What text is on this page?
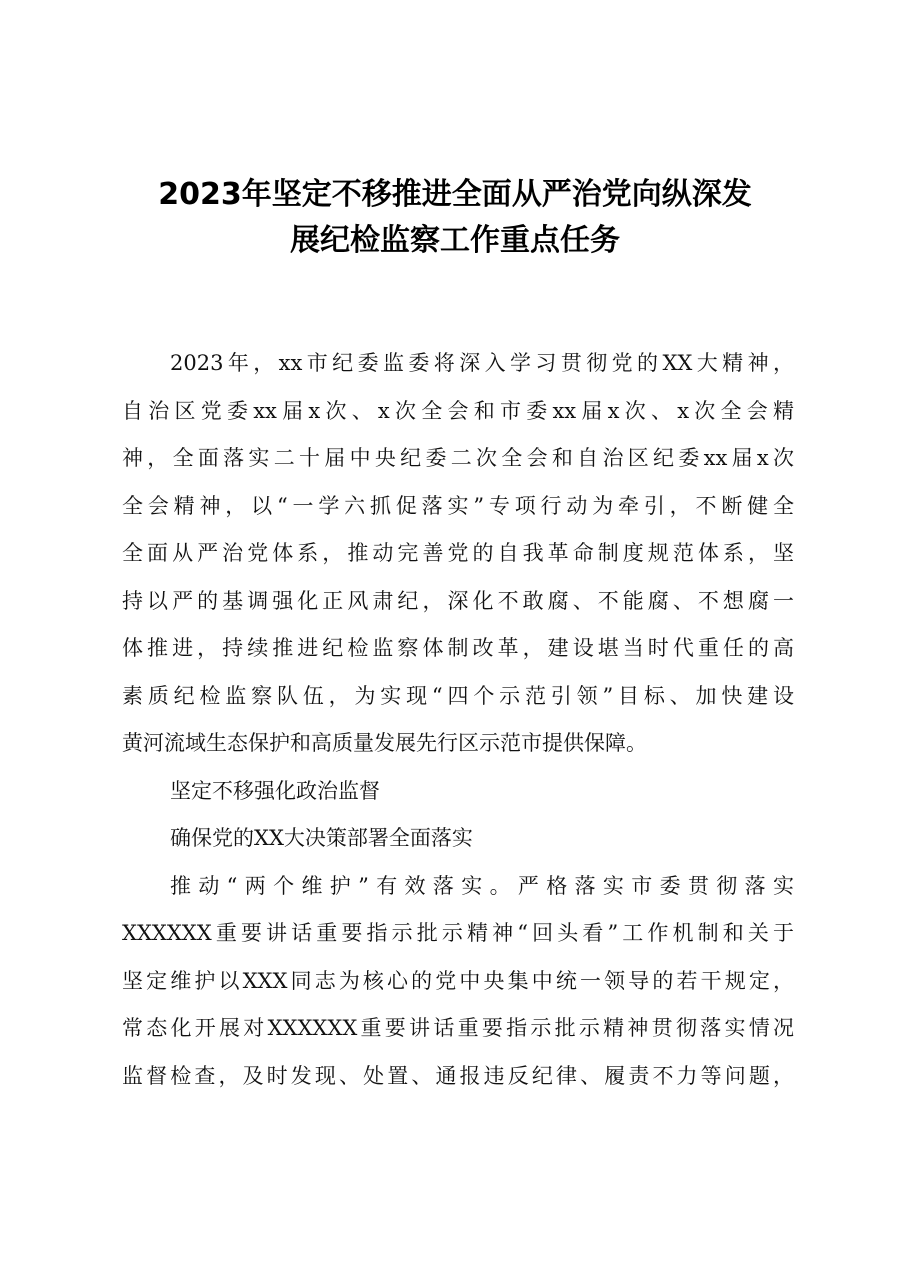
2023年坚定不移推进全面从严治党向纵深发
展纪检监察工作重点任务
2023年，xx市纪委监委将深入学习贯彻党的XX大精神，
自治区党委xx届x次、x次全会和市委xx届x次、x次全会精
神，全面落实二十届中央纪委二次全会和自治区纪委xx届x次
全会精神，以“一学六抓促落实”专项行动为牵引，不断健全
全面从严治党体系，推动完善党的自我革命制度规范体系，坚
持以严的基调强化正风肃纪，深化不敢腐、不能腐、不想腐一
体推进，持续推进纪检监察体制改革，建设堪当时代重任的高
素质纪检监察队伍，为实现“四个示范引领”目标、加快建设
黄河流域生态保护和高质量发展先行区示范市提供保障。
坚定不移强化政治监督
确保党的XX大决策部署全面落实
推动“两个维护”有效落实。严格落实市委贯彻落实
XXXXXX重要讲话重要指示批示精神“回头看”工作机制和关于
坚定维护以XXX同志为核心的党中央集中统一领导的若干规定，
常态化开展对XXXXXX重要讲话重要指示批示精神贯彻落实情况
监督检查，及时发现、处置、通报违反纪律、履责不力等问题，
